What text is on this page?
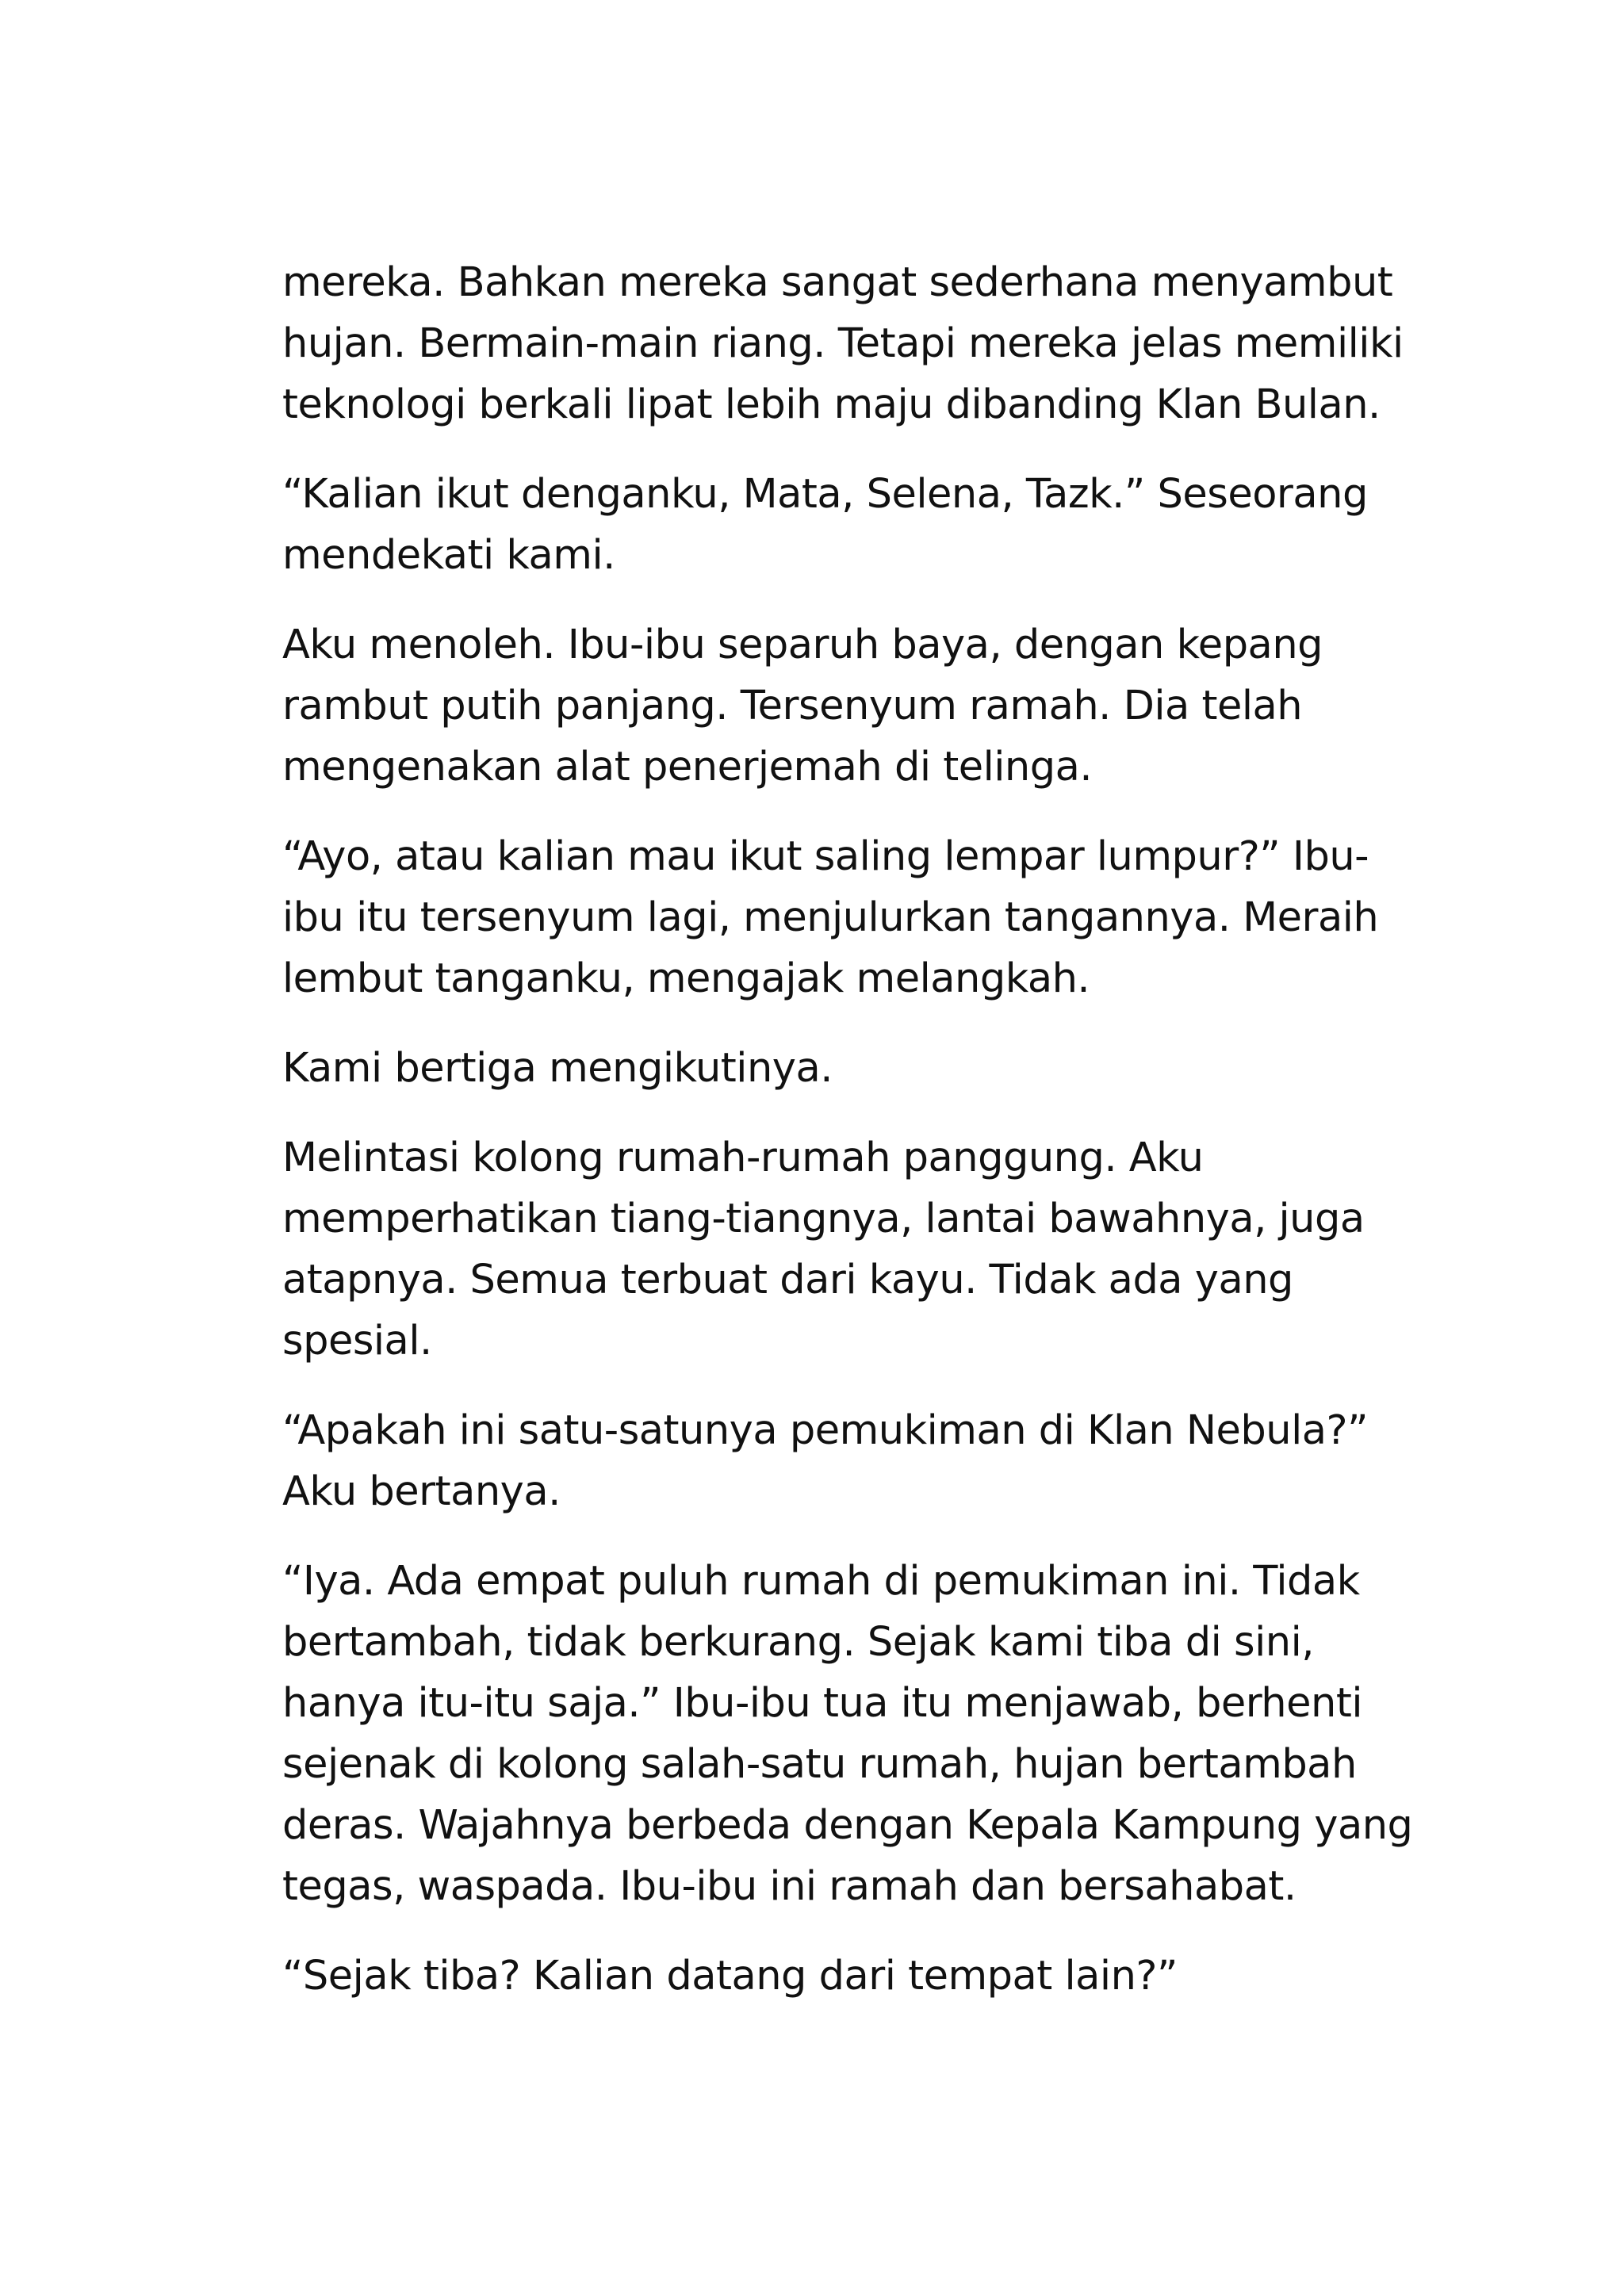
mereka. Bahkan mereka sangat sederhana menyambut
hujan. Bermain-main riang. Tetapi mereka jelas memiliki
teknologi berkali lipat lebih maju dibanding Klan Bulan.

“Kalian ikut denganku, Mata, Selena, Tazk.” Seseorang
mendekati kami.

Aku menoleh. Ibu-ibu separuh baya, dengan kepang
rambut putih panjang. Tersenyum ramah. Dia telah
mengenakan alat penerjemah di telinga.

“Ayo, atau kalian mau ikut saling lempar lumpur?” Ibu-
ibu itu tersenyum lagi, menjulurkan tangannya. Meraih
lembut tanganku, mengajak melangkah.

Kami bertiga mengikutinya.

Melintasi kolong rumah-rumah panggung. Aku
memperhatikan tiang-tiangnya, lantai bawahnya, juga
atapnya. Semua terbuat dari kayu. Tidak ada yang
spesial.

“Apakah ini satu-satunya pemukiman di Klan Nebula?”
Aku bertanya.

“Iya. Ada empat puluh rumah di pemukiman ini. Tidak
bertambah, tidak berkurang. Sejak kami tiba di sini,
hanya itu-itu saja.” Ibu-ibu tua itu menjawab, berhenti
sejenak di kolong salah-satu rumah, hujan bertambah
deras. Wajahnya berbeda dengan Kepala Kampung yang
tegas, waspada. Ibu-ibu ini ramah dan bersahabat.

“Sejak tiba? Kalian datang dari tempat lain?”
